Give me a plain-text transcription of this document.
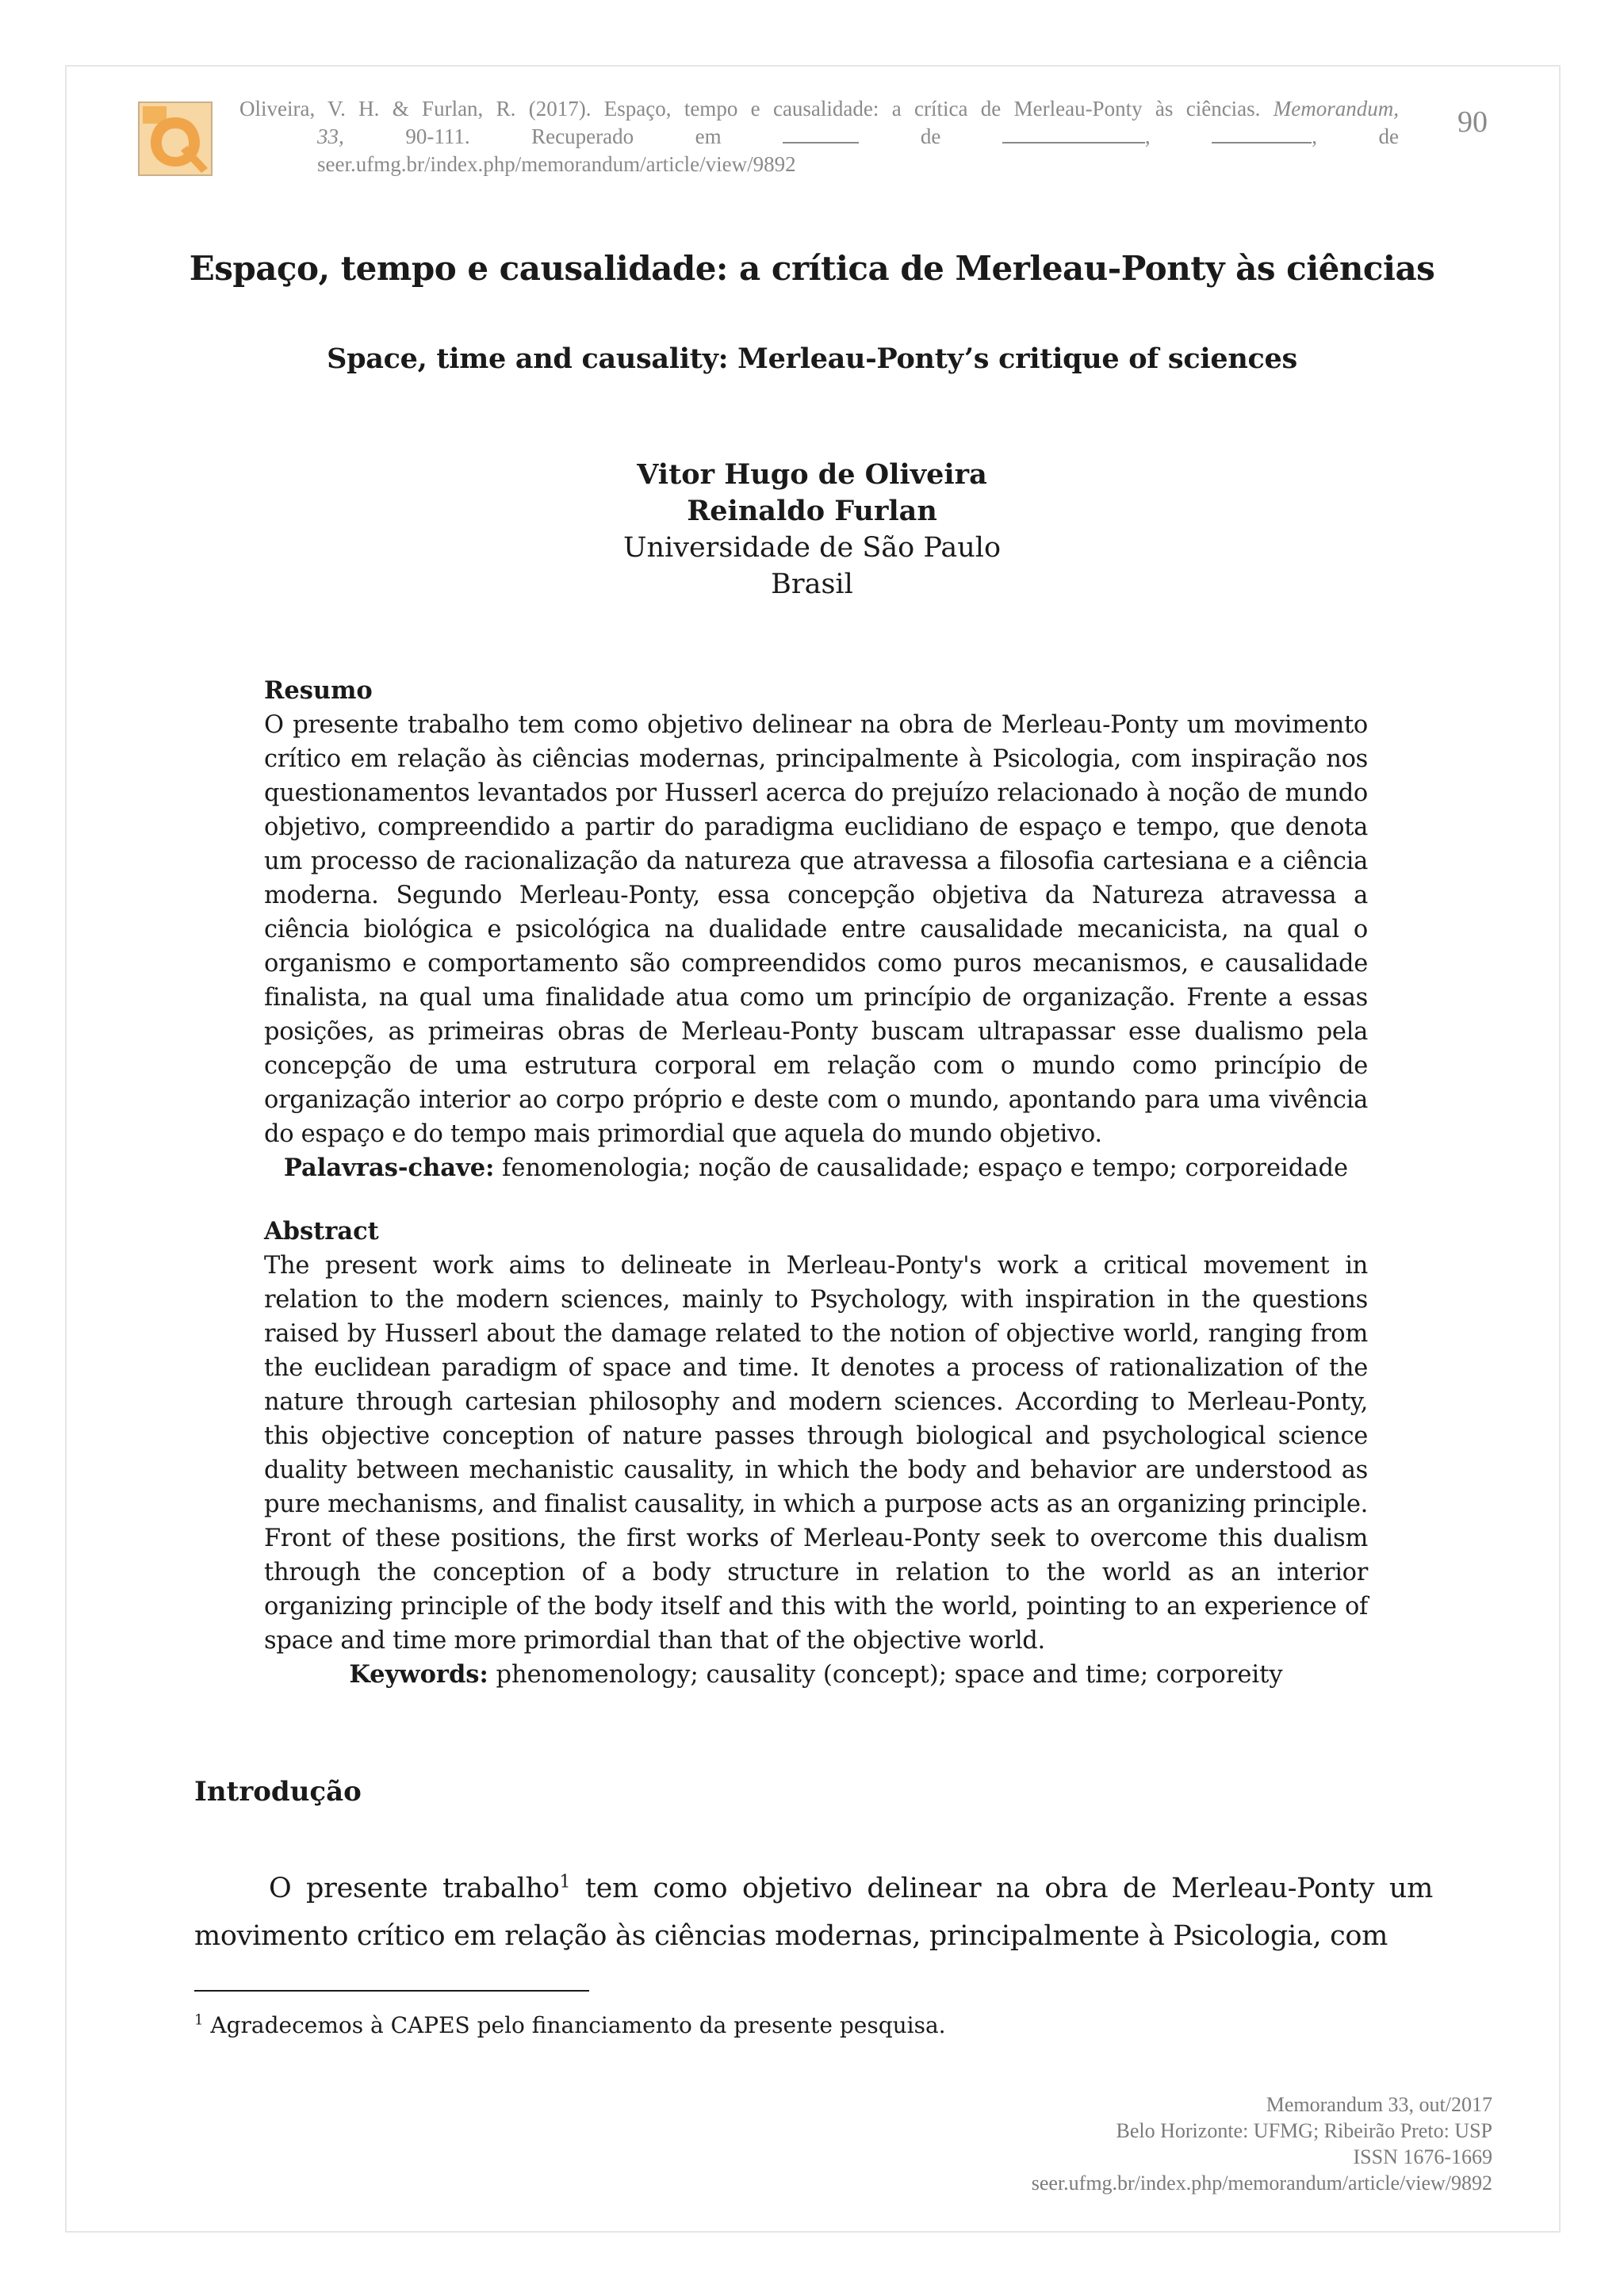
Oliveira, V. H. & Furlan, R. (2017). Espaço, tempo e causalidade: a crítica de Merleau-Ponty às ciências. Memorandum,
33,	90-111.	Recuperado	em	de	,	,	de
seer.ufmg.br/index.php/memorandum/article/view/9892
90
Espaço, tempo e causalidade: a crítica de Merleau-Ponty às ciências
Space, time and causality: Merleau-Ponty’s critique of sciences
Vitor Hugo de Oliveira
Reinaldo Furlan
Universidade de São Paulo
Brasil
Resumo
O presente trabalho tem como objetivo delinear na obra de Merleau-Ponty um movimento crítico em relação às ciências modernas, principalmente à Psicologia, com inspiração nos questionamentos levantados por Husserl acerca do prejuízo relacionado à noção de mundo objetivo, compreendido a partir do paradigma euclidiano de espaço e tempo, que denota um processo de racionalização da natureza que atravessa a filosofia cartesiana e a ciência moderna. Segundo Merleau-Ponty, essa concepção objetiva da Natureza atravessa a ciência biológica e psicológica na dualidade entre causalidade mecanicista, na qual o organismo e comportamento são compreendidos como puros mecanismos, e causalidade finalista, na qual uma finalidade atua como um princípio de organização. Frente a essas posições, as primeiras obras de Merleau-Ponty buscam ultrapassar esse dualismo pela concepção de uma estrutura corporal em relação com o mundo como princípio de organização interior ao corpo próprio e deste com o mundo, apontando para uma vivência do espaço e do tempo mais primordial que aquela do mundo objetivo.
Palavras-chave: fenomenologia; noção de causalidade; espaço e tempo; corporeidade
Abstract
The present work aims to delineate in Merleau-Ponty's work a critical movement in relation to the modern sciences, mainly to Psychology, with inspiration in the questions raised by Husserl about the damage related to the notion of objective world, ranging from the euclidean paradigm of space and time. It denotes a process of rationalization of the nature through cartesian philosophy and modern sciences. According to Merleau-Ponty, this objective conception of nature passes through biological and psychological science duality between mechanistic causality, in which the body and behavior are understood as pure mechanisms, and finalist causality, in which a purpose acts as an organizing principle. Front of these positions, the first works of Merleau-Ponty seek to overcome this dualism through the conception of a body structure in relation to the world as an interior organizing principle of the body itself and this with the world, pointing to an experience of space and time more primordial than that of the objective world.
Keywords: phenomenology; causality (concept); space and time; corporeity
Introdução
O presente trabalho$^1$ tem como objetivo delinear na obra de Merleau-Ponty um movimento crítico em relação às ciências modernas, principalmente à Psicologia, com
$^1$ Agradecemos à CAPES pelo financiamento da presente pesquisa.
Memorandum 33, out/2017
Belo Horizonte: UFMG; Ribeirão Preto: USP
ISSN 1676-1669
seer.ufmg.br/index.php/memorandum/article/view/9892
